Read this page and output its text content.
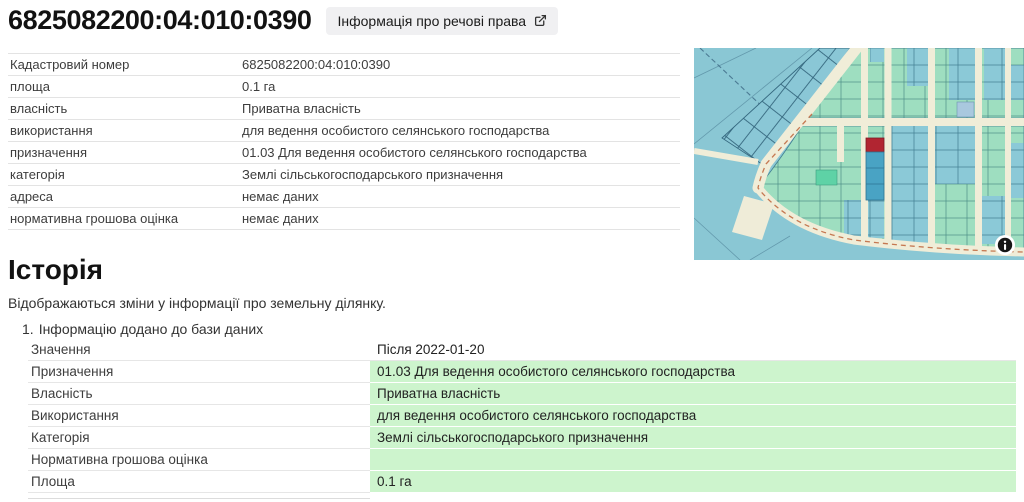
6825082200:04:010:0390 Інформація про речові права
Кадастровий номер	6825082200:04:010:0390
площа	0.1 га
власність	Приватна власність
використання	для ведення особистого селянського господарства
призначення	01.03 Для ведення особистого селянського господарства
категорія	Землі сільськогосподарського призначення
адреса	немає даних
нормативна грошова оцінка	немає даних
Історія

Відображаються зміни у інформації про земельну ділянку.

1. Інформацію додано до бази даних
Значення	Після 2022-01-20
Призначення	01.03 Для ведення особистого селянського господарства
Власність	Приватна власність
Використання	для ведення особистого селянського господарства
Категорія	Землі сільськогосподарського призначення
Нормативна грошова оцінка	
Площа	0.1 га
